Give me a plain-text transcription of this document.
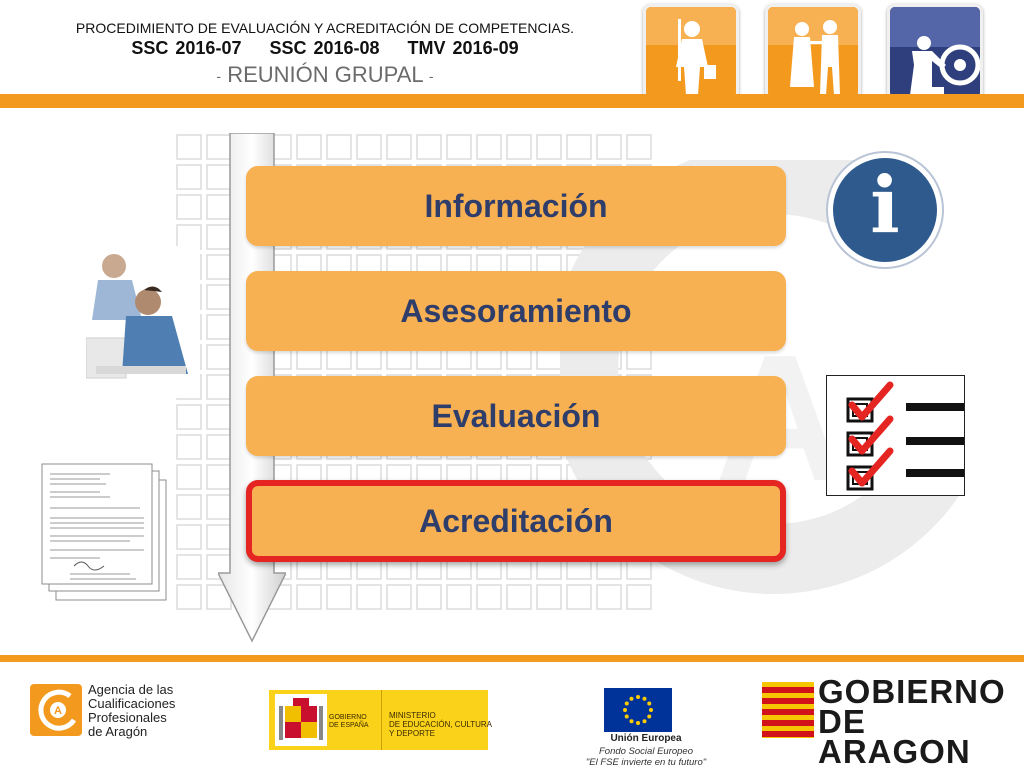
PROCEDIMIENTO DE EVALUACIÓN Y ACREDITACIÓN DE COMPETENCIAS.
SSC 2016-07    SSC 2016-08    TMV 2016-09
- REUNIÓN GRUPAL -
Información
Asesoramiento
Evaluación
Acreditación
i
A
Agencia de las
Cualificaciones
Profesionales
de Aragón
GOBIERNO
DE ESPAÑA
MINISTERIO
DE EDUCACIÓN, CULTURA
Y DEPORTE	Unión Europea
Fondo Social Europeo
"El FSE invierte en tu futuro"
GOBIERNO
DE ARAGON
